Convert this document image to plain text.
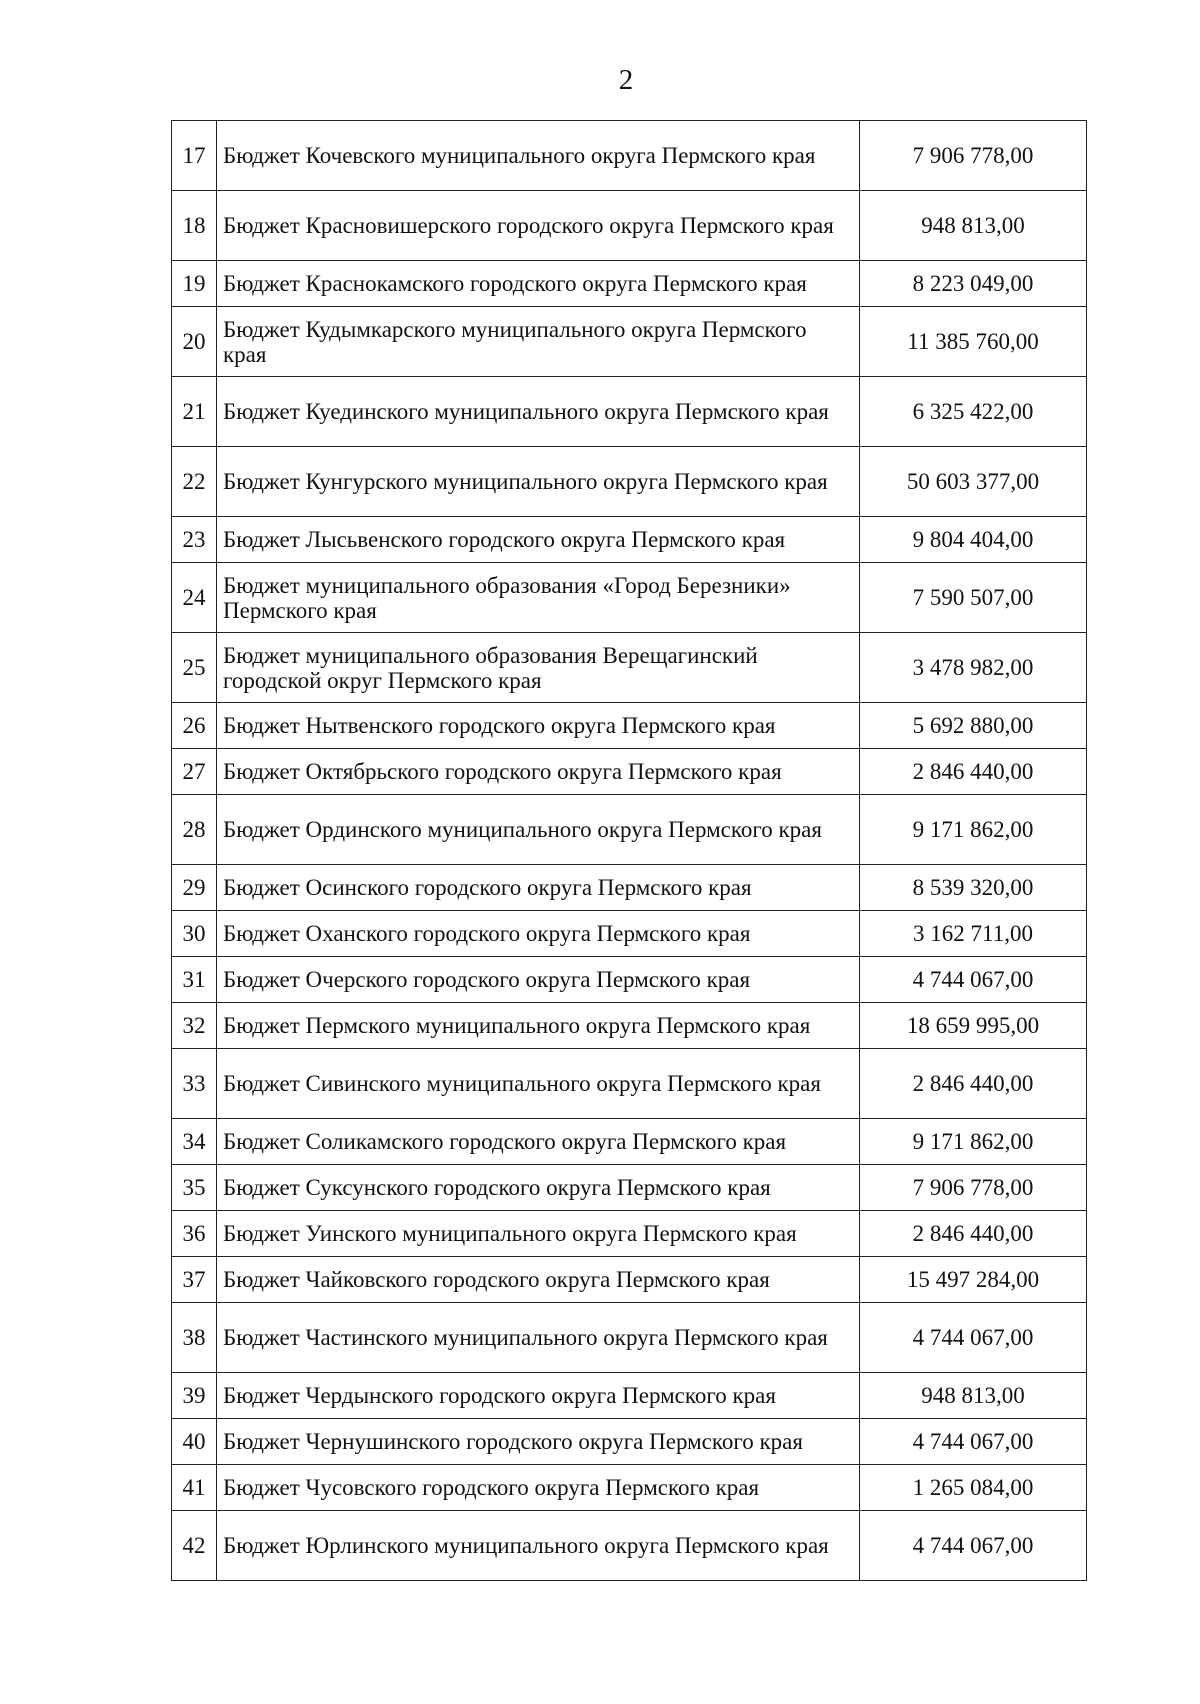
2
17	Бюджет Кочевского муниципального округа Пермского края	7 906 778,00
18	Бюджет Красновишерского городского округа Пермского края	948 813,00
19	Бюджет Краснокамского городского округа Пермского края	8 223 049,00
20	Бюджет Кудымкарского муниципального округа Пермского края	11 385 760,00
21	Бюджет Куединского муниципального округа Пермского края	6 325 422,00
22	Бюджет Кунгурского муниципального округа Пермского края	50 603 377,00
23	Бюджет Лысьвенского городского округа Пермского края	9 804 404,00
24	Бюджет муниципального образования «Город Березники» Пермского края	7 590 507,00
25	Бюджет муниципального образования Верещагинский городской округ Пермского края	3 478 982,00
26	Бюджет Нытвенского городского округа Пермского края	5 692 880,00
27	Бюджет Октябрьского городского округа Пермского края	2 846 440,00
28	Бюджет Ординского муниципального округа Пермского края	9 171 862,00
29	Бюджет Осинского городского округа Пермского края	8 539 320,00
30	Бюджет Оханского городского округа Пермского края	3 162 711,00
31	Бюджет Очерского городского округа Пермского края	4 744 067,00
32	Бюджет Пермского муниципального округа Пермского края	18 659 995,00
33	Бюджет Сивинского муниципального округа Пермского края	2 846 440,00
34	Бюджет Соликамского городского округа Пермского края	9 171 862,00
35	Бюджет Суксунского городского округа Пермского края	7 906 778,00
36	Бюджет Уинского муниципального округа Пермского края	2 846 440,00
37	Бюджет Чайковского городского округа Пермского края	15 497 284,00
38	Бюджет Частинского муниципального округа Пермского края	4 744 067,00
39	Бюджет Чердынского городского округа Пермского края	948 813,00
40	Бюджет Чернушинского городского округа Пермского края	4 744 067,00
41	Бюджет Чусовского городского округа Пермского края	1 265 084,00
42	Бюджет Юрлинского муниципального округа Пермского края	4 744 067,00
